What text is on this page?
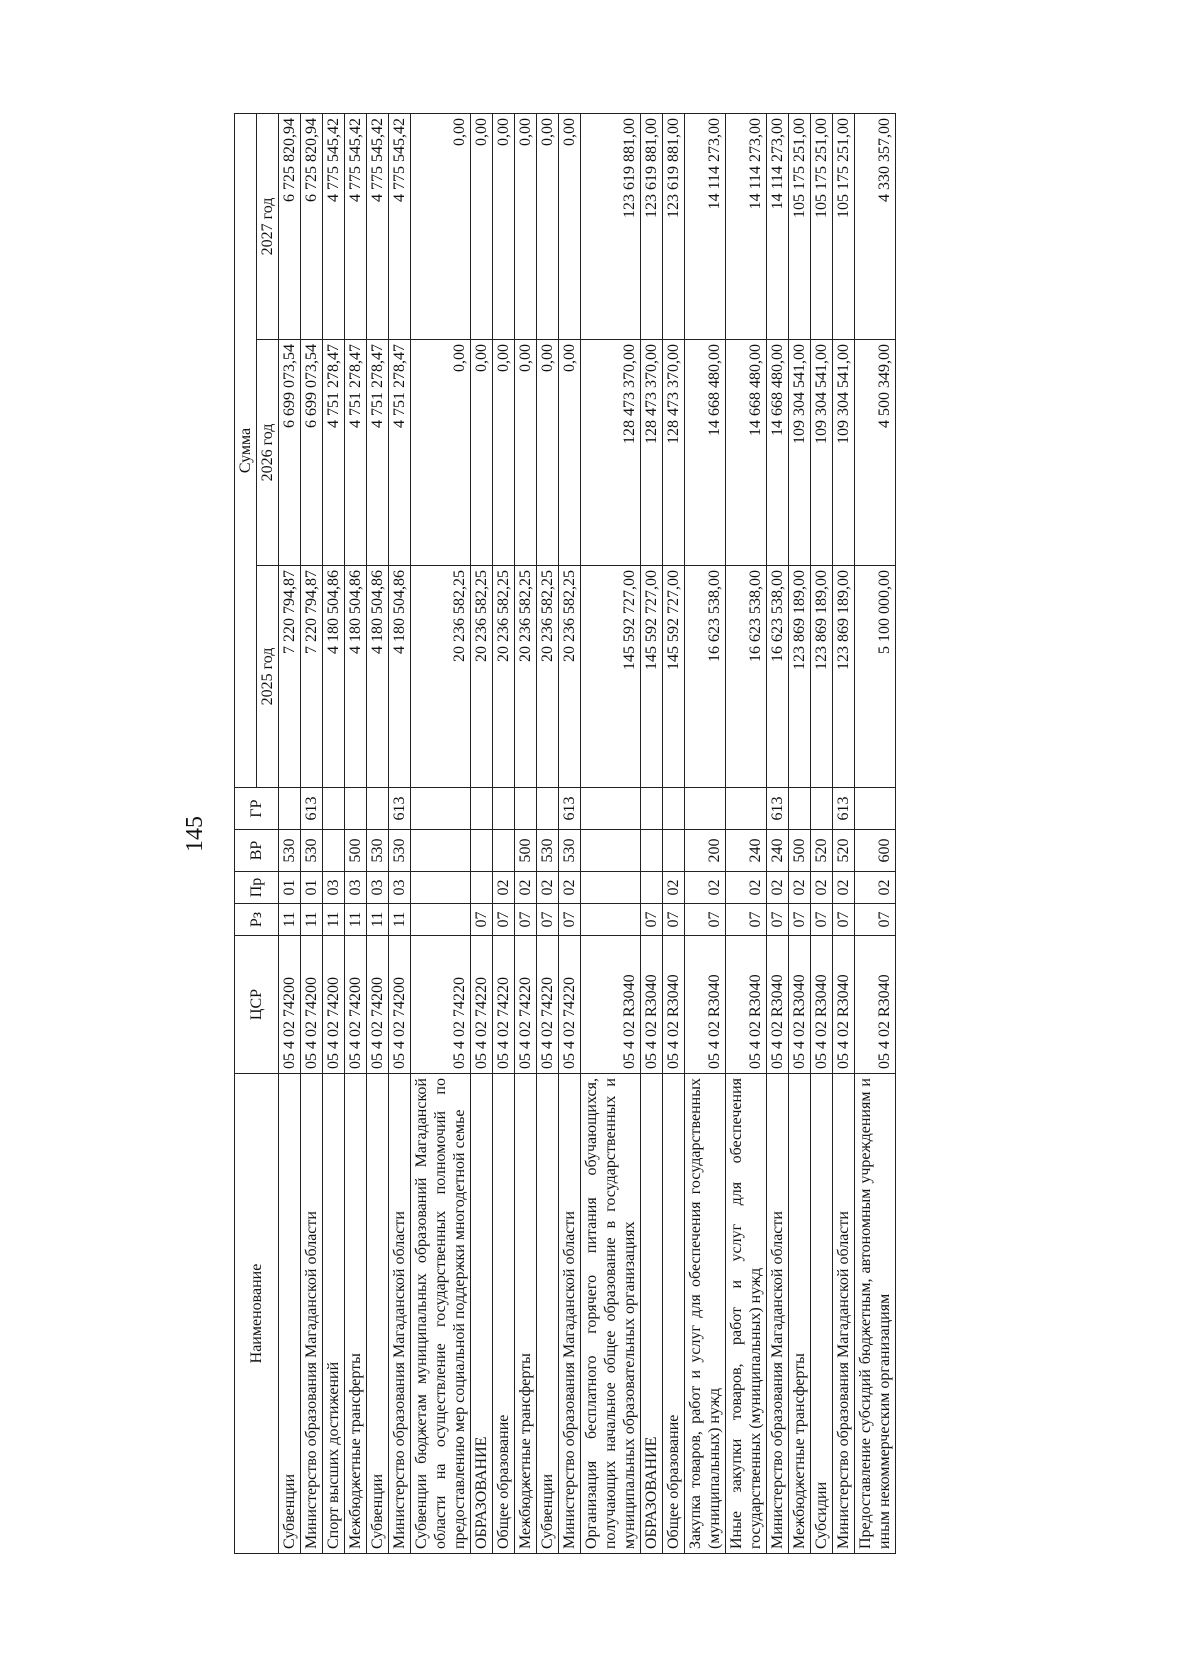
145
Наименование	ЦСР	Рз	Пр	ВР	ГР	Сумма		
						2025 год	2026 год	2027 год
Субвенции	05 4 02 74200	11	01	530		7 220 794,87	6 699 073,54	6 725 820,94
Министерство образования Магаданской области	05 4 02 74200	11	01	530	613	7 220 794,87	6 699 073,54	6 725 820,94
Спорт высших достижений	05 4 02 74200	11	03			4 180 504,86	4 751 278,47	4 775 545,42
Межбюджетные трансферты	05 4 02 74200	11	03	500		4 180 504,86	4 751 278,47	4 775 545,42
Субвенции	05 4 02 74200	11	03	530		4 180 504,86	4 751 278,47	4 775 545,42
Министерство образования Магаданской области	05 4 02 74200	11	03	530	613	4 180 504,86	4 751 278,47	4 775 545,42
Субвенции бюджетам муниципальных образований Магаданской области на осуществление государственных полномочий по предоставлению мер социальной поддержки многодетной семье	05 4 02 74220					20 236 582,25	0,00	0,00
ОБРАЗОВАНИЕ	05 4 02 74220	07				20 236 582,25	0,00	0,00
Общее образование	05 4 02 74220	07	02			20 236 582,25	0,00	0,00
Межбюджетные трансферты	05 4 02 74220	07	02	500		20 236 582,25	0,00	0,00
Субвенции	05 4 02 74220	07	02	530		20 236 582,25	0,00	0,00
Министерство образования Магаданской области	05 4 02 74220	07	02	530	613	20 236 582,25	0,00	0,00
Организация бесплатного горячего питания обучающихся, получающих начальное общее образование в государственных и муниципальных образовательных организациях	05 4 02 R3040					145 592 727,00	128 473 370,00	123 619 881,00
ОБРАЗОВАНИЕ	05 4 02 R3040	07				145 592 727,00	128 473 370,00	123 619 881,00
Общее образование	05 4 02 R3040	07	02			145 592 727,00	128 473 370,00	123 619 881,00
Закупка товаров, работ и услуг для обеспечения государственных (муниципальных) нужд	05 4 02 R3040	07	02	200		16 623 538,00	14 668 480,00	14 114 273,00
Иные закупки товаров, работ и услуг для обеспечения государственных (муниципальных) нужд	05 4 02 R3040	07	02	240		16 623 538,00	14 668 480,00	14 114 273,00
Министерство образования Магаданской области	05 4 02 R3040	07	02	240	613	16 623 538,00	14 668 480,00	14 114 273,00
Межбюджетные трансферты	05 4 02 R3040	07	02	500		123 869 189,00	109 304 541,00	105 175 251,00
Субсидии	05 4 02 R3040	07	02	520		123 869 189,00	109 304 541,00	105 175 251,00
Министерство образования Магаданской области	05 4 02 R3040	07	02	520	613	123 869 189,00	109 304 541,00	105 175 251,00
Предоставление субсидий бюджетным, автономным учреждениям и иным некоммерческим организациям	05 4 02 R3040	07	02	600		5 100 000,00	4 500 349,00	4 330 357,00
